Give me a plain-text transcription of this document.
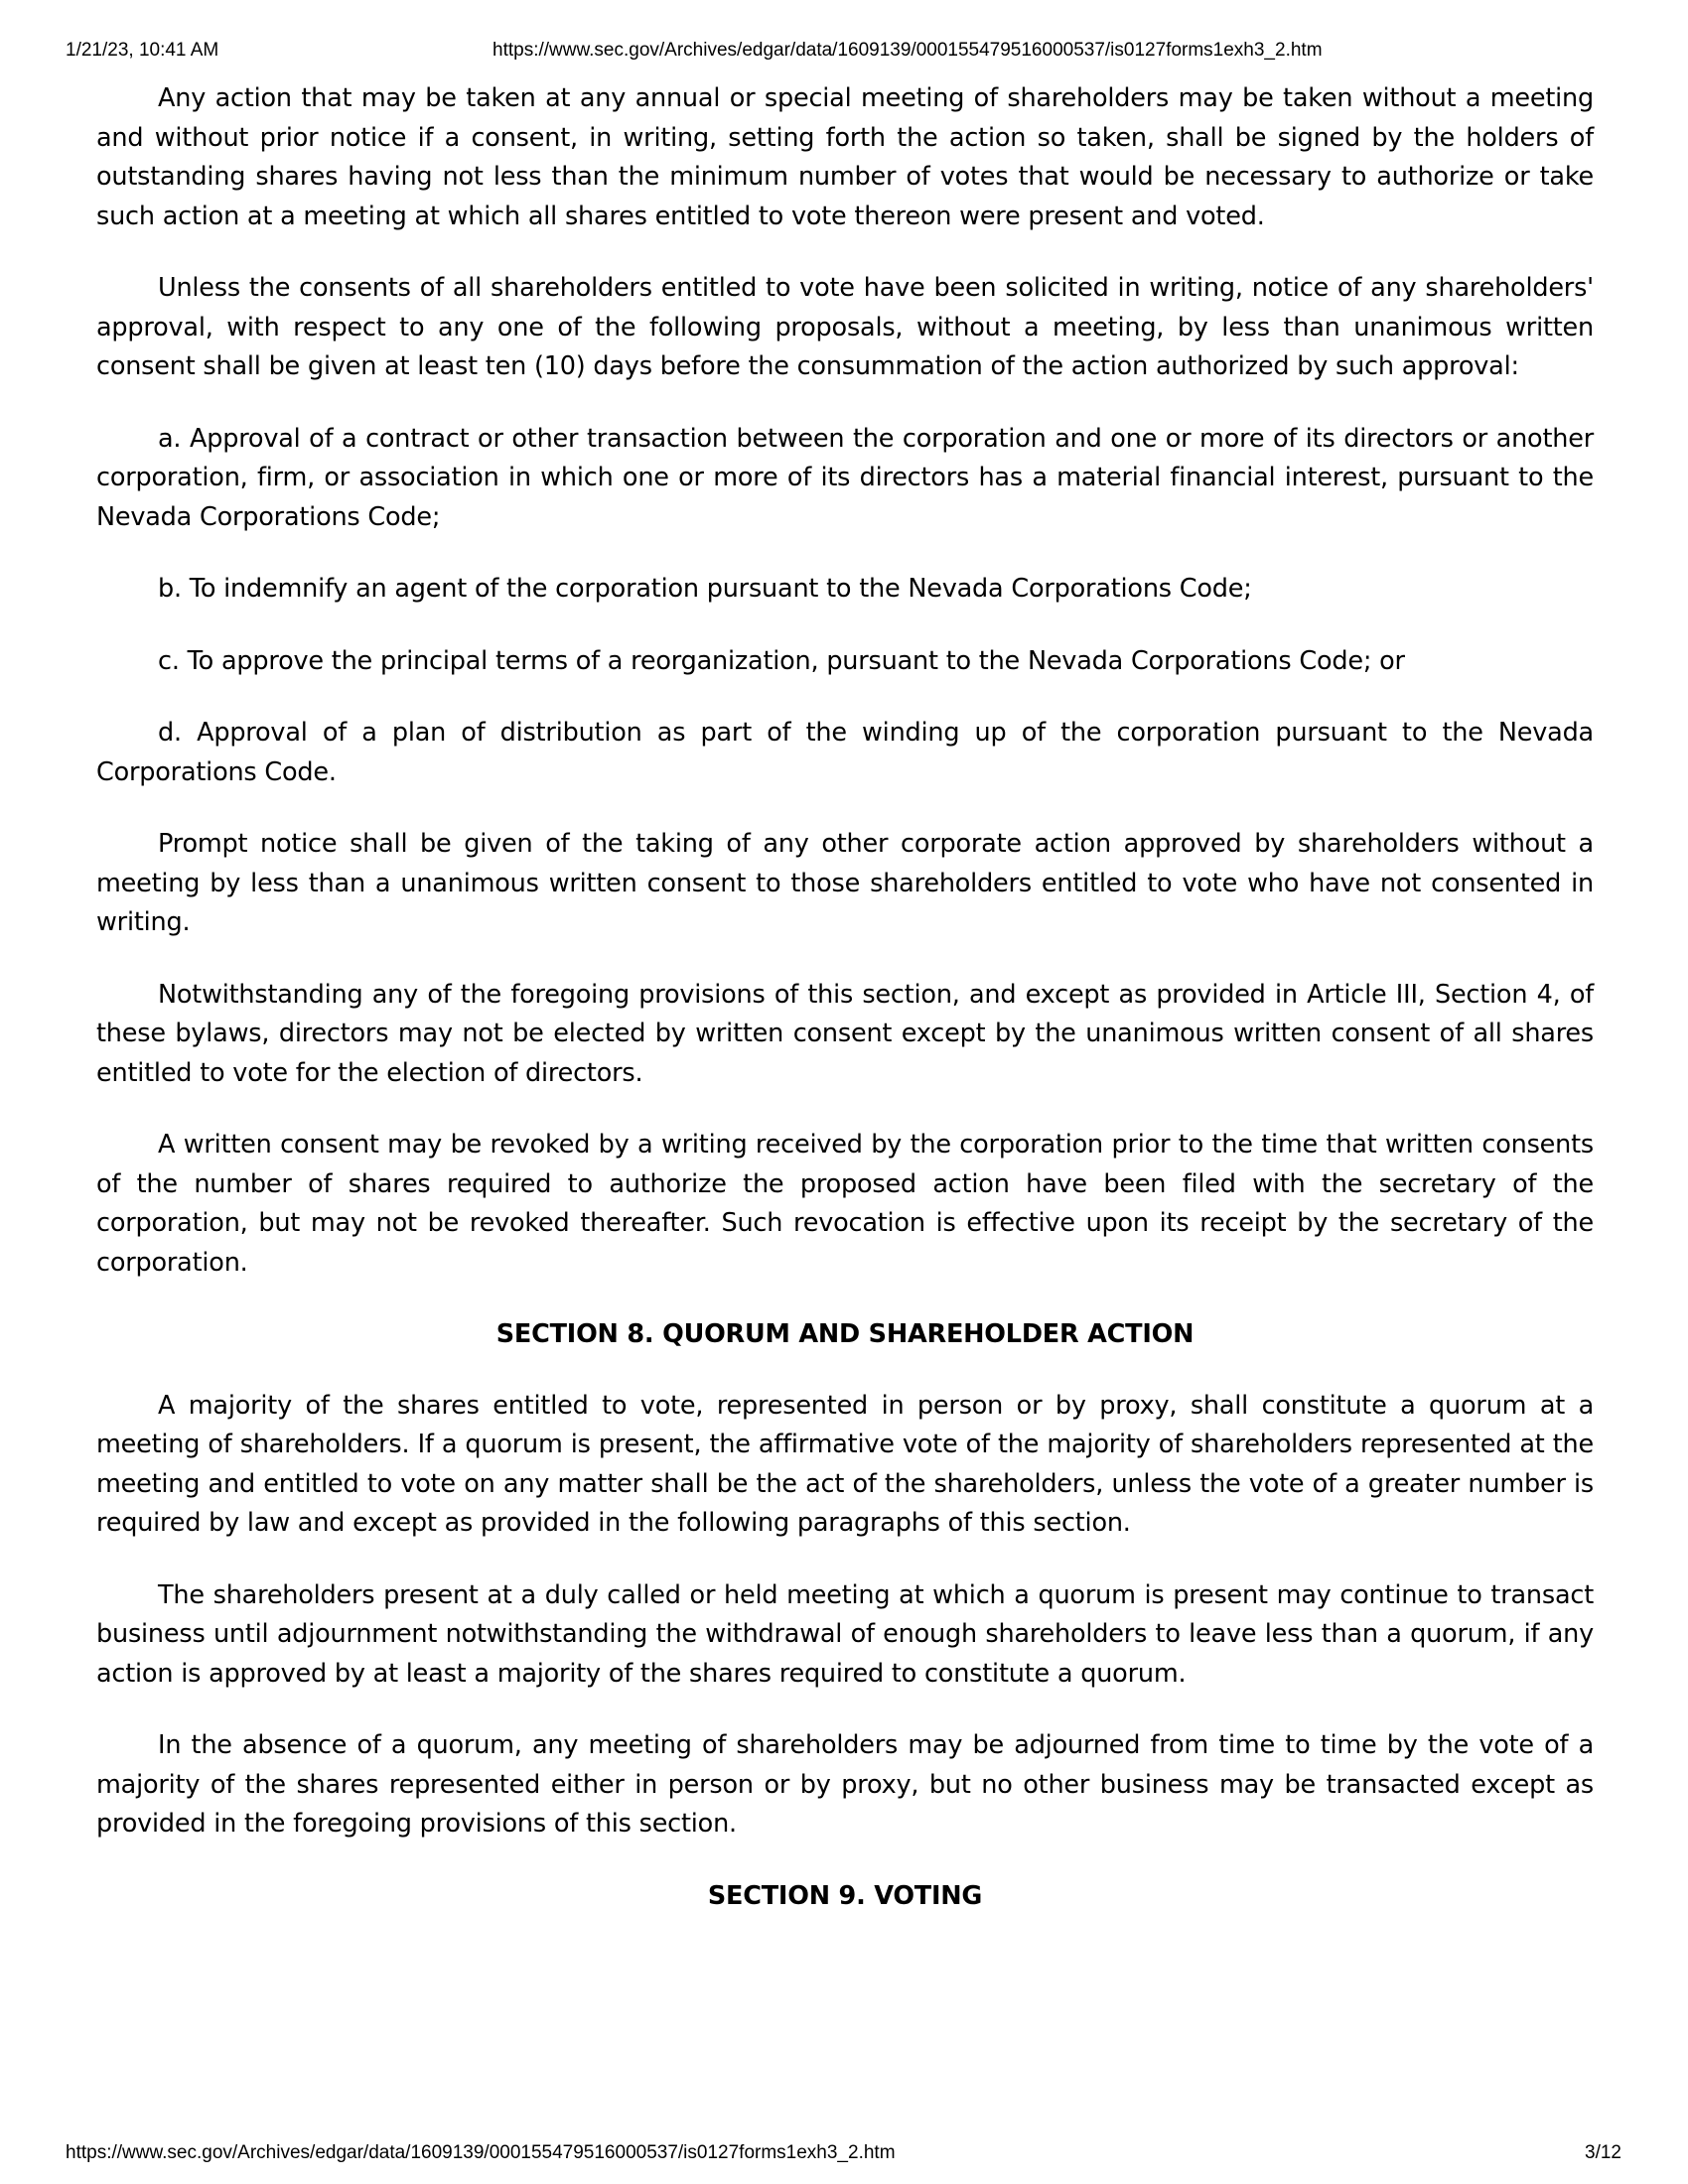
1/21/23, 10:41 AM	https://www.sec.gov/Archives/edgar/data/1609139/000155479516000537/is0127forms1exh3_2.htm

Any action that may be taken at any annual or special meeting of shareholders may be taken without a meeting and without prior notice if a consent, in writing, setting forth the action so taken, shall be signed by the holders of outstanding shares having not less than the minimum number of votes that would be necessary to authorize or take such action at a meeting at which all shares entitled to vote thereon were present and voted.

Unless the consents of all shareholders entitled to vote have been solicited in writing, notice of any shareholders' approval, with respect to any one of the following proposals, without a meeting, by less than unanimous written consent shall be given at least ten (10) days before the consummation of the action authorized by such approval:

a. Approval of a contract or other transaction between the corporation and one or more of its directors or another corporation, firm, or association in which one or more of its directors has a material financial interest, pursuant to the Nevada Corporations Code;

b. To indemnify an agent of the corporation pursuant to the Nevada Corporations Code;

c. To approve the principal terms of a reorganization, pursuant to the Nevada Corporations Code; or

d. Approval of a plan of distribution as part of the winding up of the corporation pursuant to the Nevada Corporations Code.

Prompt notice shall be given of the taking of any other corporate action approved by shareholders without a meeting by less than a unanimous written consent to those shareholders entitled to vote who have not consented in writing.

Notwithstanding any of the foregoing provisions of this section, and except as provided in Article III, Section 4, of these bylaws, directors may not be elected by written consent except by the unanimous written consent of all shares entitled to vote for the election of directors.

A written consent may be revoked by a writing received by the corporation prior to the time that written consents of the number of shares required to authorize the proposed action have been filed with the secretary of the corporation, but may not be revoked thereafter. Such revocation is effective upon its receipt by the secretary of the corporation.

SECTION 8. QUORUM AND SHAREHOLDER ACTION

A majority of the shares entitled to vote, represented in person or by proxy, shall constitute a quorum at a meeting of shareholders. If a quorum is present, the affirmative vote of the majority of shareholders represented at the meeting and entitled to vote on any matter shall be the act of the shareholders, unless the vote of a greater number is required by law and except as provided in the following paragraphs of this section.

The shareholders present at a duly called or held meeting at which a quorum is present may continue to transact business until adjournment notwithstanding the withdrawal of enough shareholders to leave less than a quorum, if any action is approved by at least a majority of the shares required to constitute a quorum.

In the absence of a quorum, any meeting of shareholders may be adjourned from time to time by the vote of a majority of the shares represented either in person or by proxy, but no other business may be transacted except as provided in the foregoing provisions of this section.

SECTION 9. VOTING
https://www.sec.gov/Archives/edgar/data/1609139/000155479516000537/is0127forms1exh3_2.htm	3/12
